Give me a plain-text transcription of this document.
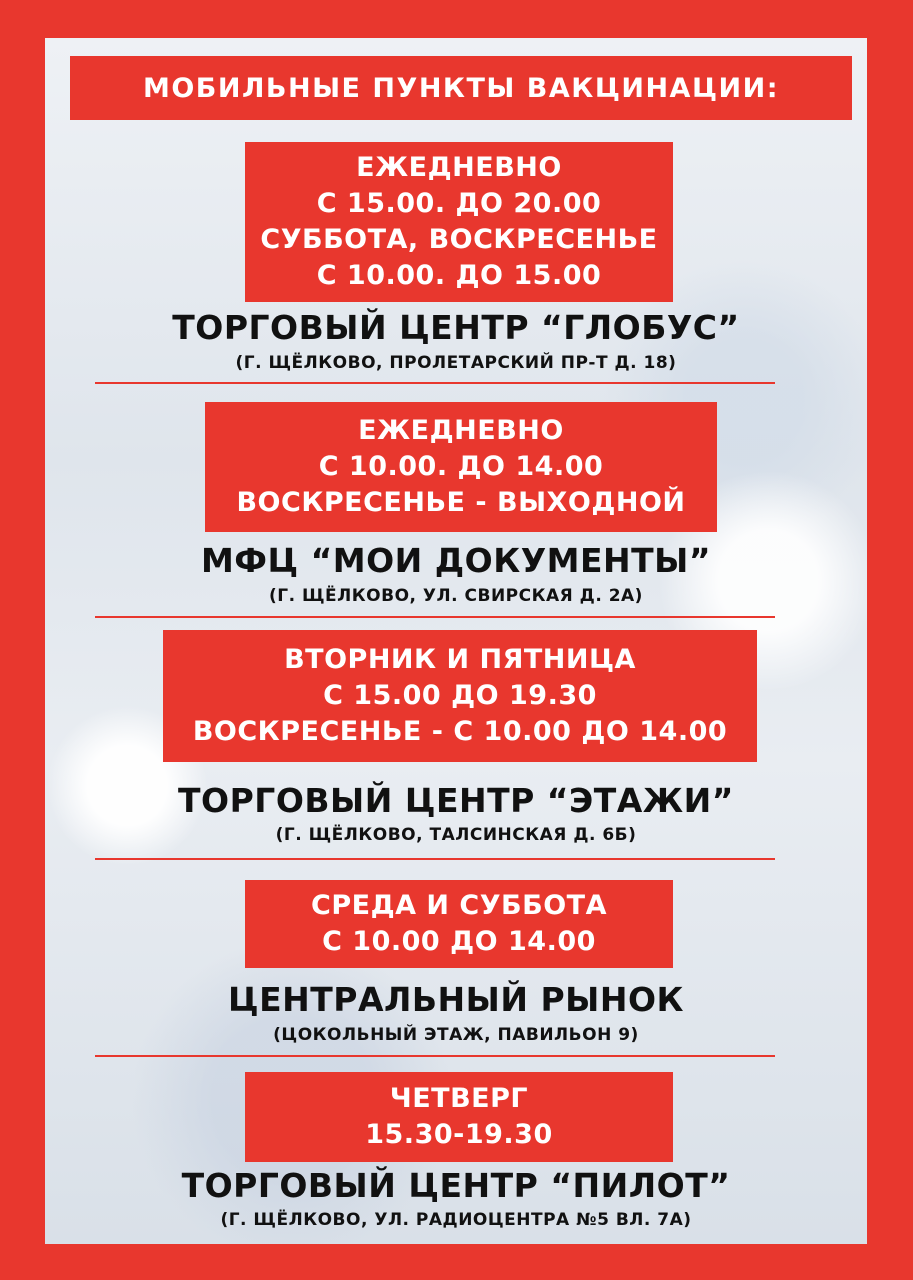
МОБИЛЬНЫЕ ПУНКТЫ ВАКЦИНАЦИИ:
ЕЖЕДНЕВНО
С 15.00. ДО 20.00
СУББОТА, ВОСКРЕСЕНЬЕ
С 10.00. ДО 15.00
ТОРГОВЫЙ ЦЕНТР “ГЛОБУС”
(Г. ЩЁЛКОВО, ПРОЛЕТАРСКИЙ ПР-Т Д. 18)
ЕЖЕДНЕВНО
С 10.00. ДО 14.00
ВОСКРЕСЕНЬЕ - ВЫХОДНОЙ
МФЦ “МОИ ДОКУМЕНТЫ”
(Г. ЩЁЛКОВО, УЛ. СВИРСКАЯ Д. 2А)
ВТОРНИК И ПЯТНИЦА
С 15.00 ДО 19.30
ВОСКРЕСЕНЬЕ - С 10.00 ДО 14.00
ТОРГОВЫЙ ЦЕНТР “ЭТАЖИ”
(Г. ЩЁЛКОВО, ТАЛСИНСКАЯ Д. 6Б)
СРЕДА И СУББОТА
С 10.00 ДО 14.00
ЦЕНТРАЛЬНЫЙ РЫНОК
(ЦОКОЛЬНЫЙ ЭТАЖ, ПАВИЛЬОН 9)
ЧЕТВЕРГ
15.30-19.30
ТОРГОВЫЙ ЦЕНТР “ПИЛОТ”
(Г. ЩЁЛКОВО, УЛ. РАДИОЦЕНТРА №5 ВЛ. 7А)
